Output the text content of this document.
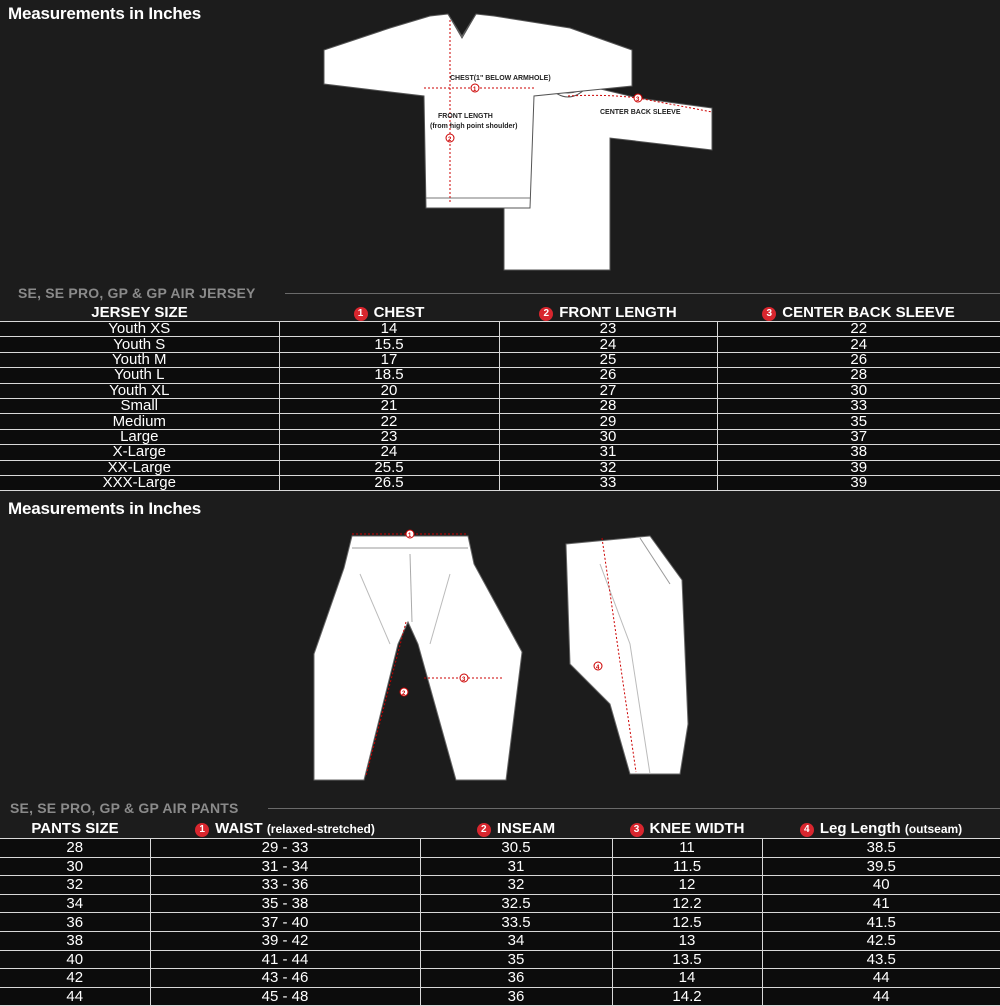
Measurements in Inches
3
CENTER BACK SLEEVE
1
2
CHEST(1" BELOW ARMHOLE)
FRONT LENGTH
(from high point shoulder)
SE, SE PRO, GP & GP AIR JERSEY
JERSEY SIZE	1 CHEST	2 FRONT LENGTH	3 CENTER BACK SLEEVE
Youth XS	14	23	22
Youth S	15.5	24	24
Youth M	17	25	26
Youth L	18.5	26	28
Youth XL	20	27	30
Small	21	28	33
Medium	22	29	35
Large	23	30	37
X-Large	24	31	38
XX-Large	25.5	32	39
XXX-Large	26.5	33	39
Measurements in Inches
1
2
3
4
SE, SE PRO, GP & GP AIR PANTS
PANTS SIZE	1 WAIST (relaxed-stretched)	2 INSEAM	3 KNEE WIDTH	4 Leg Length (outseam)
28	29 - 33	30.5	11	38.5
30	31 - 34	31	11.5	39.5
32	33 - 36	32	12	40
34	35 - 38	32.5	12.2	41
36	37 - 40	33.5	12.5	41.5
38	39 - 42	34	13	42.5
40	41 - 44	35	13.5	43.5
42	43 - 46	36	14	44
44	45 - 48	36	14.2	44
